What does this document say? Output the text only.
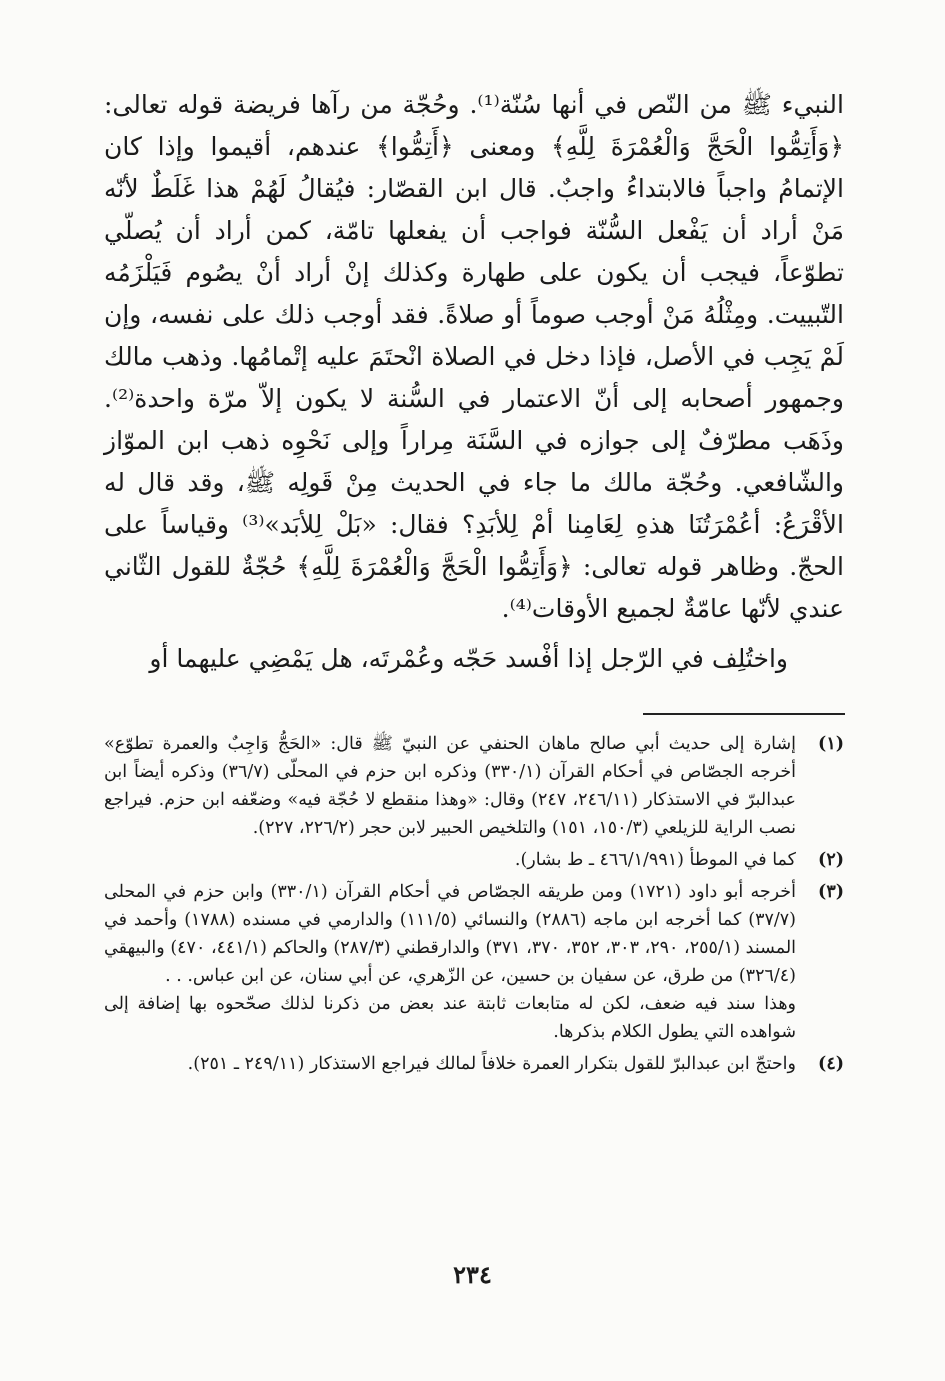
النبيء ﷺ من النّص في أنها سُنّة⁽¹⁾. وحُجّة من رآها فريضة قوله تعالى: ﴿وَأَتِمُّوا الْحَجَّ وَالْعُمْرَةَ لِلَّهِ﴾ ومعنى ﴿أَتِمُّوا﴾ عندهم، أقيموا وإذا كان الإتمامُ واجباً فالابتداءُ واجبٌ. قال ابن القصّار: فيُقالُ لَهُمْ هذا غَلَطٌ لأنّه مَنْ أراد أن يَفْعل السُّنّة فواجب أن يفعلها تامّة، كمن أراد أن يُصلّي تطوّعاً، فيجب أن يكون على طهارة وكذلك إنْ أراد أنْ يصُوم فَيَلْزَمُه التّبييت. ومِثْلُهُ مَنْ أوجب صوماً أو صلاةً. فقد أوجب ذلك على نفسه، وإن لَمْ يَجِب في الأصل، فإذا دخل في الصلاة انْحتَمَ عليه إتْمامُها. وذهب مالك وجمهور أصحابه إلى أنّ الاعتمار في السُّنة لا يكون إلاّ مرّة واحدة⁽²⁾. وذَهَب مطرّفٌ إلى جوازه في السَّنَة مِراراً وإلى نَحْوِه ذهب ابن الموّاز والشّافعي. وحُجّة مالك ما جاء في الحديث مِنْ قَولِه ﷺ، وقد قال له الأقْرَعُ: أعُمْرَتُنَا هذهِ لِعَامِنا أمْ لِلأبَدِ؟ فقال: «بَلْ لِلأبَد»⁽³⁾ وقياساً على الحجّ. وظاهر قوله تعالى: ﴿وَأَتِمُّوا الْحَجَّ وَالْعُمْرَةَ لِلَّهِ﴾ حُجّةٌ للقول الثّاني عندي لأنّها عامّةٌ لجميع الأوقات⁽⁴⁾.

واختُلِف في الرّجل إذا أفْسد حَجّه وعُمْرتَه، هل يَمْضِي عليهما أو

(١)

إشارة إلى حديث أبي صالح ماهان الحنفي عن النبيّ ﷺ قال: «الحَجُّ وَاجِبٌ والعمرة تطوّع» أخرجه الجصّاص في أحكام القرآن (٣٣٠/١) وذكره ابن حزم في المحلّى (٣٦/٧) وذكره أيضاً ابن عبدالبرّ في الاستذكار (٢٤٦/١١، ٢٤٧) وقال: «وهذا منقطع لا حُجّة فيه» وضعّفه ابن حزم. فيراجع نصب الراية للزيلعي (١٥٠/٣، ١٥١) والتلخيص الحبير لابن حجر (٢٢٦/٢، ٢٢٧).

(٢)

كما في الموطأ (٤٦٦/١/٩٩١ ـ ط بشار).

(٣)

أخرجه أبو داود (١٧٢١) ومن طريقه الجصّاص في أحكام القرآن (٣٣٠/١) وابن حزم في المحلى (٣٧/٧) كما أخرجه ابن ماجه (٢٨٨٦) والنسائي (١١١/٥) والدارمي في مسنده (١٧٨٨) وأحمد في المسند (٢٥٥/١، ٢٩٠، ٣٠٣، ٣٥٢، ٣٧٠، ٣٧١) والدارقطني (٢٨٧/٣) والحاكم (٤٤١/١، ٤٧٠) والبيهقي (٣٢٦/٤) من طرق، عن سفيان بن حسين، عن الزّهري، عن أبي سنان، عن ابن عباس. . .

وهذا سند فيه ضعف، لكن له متابعات ثابتة عند بعض من ذكرنا لذلك صحّحوه بها إضافة إلى شواهده التي يطول الكلام بذكرها.

(٤)

واحتجّ ابن عبدالبرّ للقول بتكرار العمرة خلافاً لمالك فيراجع الاستذكار (٢٤٩/١١ ـ ٢٥١).

٢٣٤
